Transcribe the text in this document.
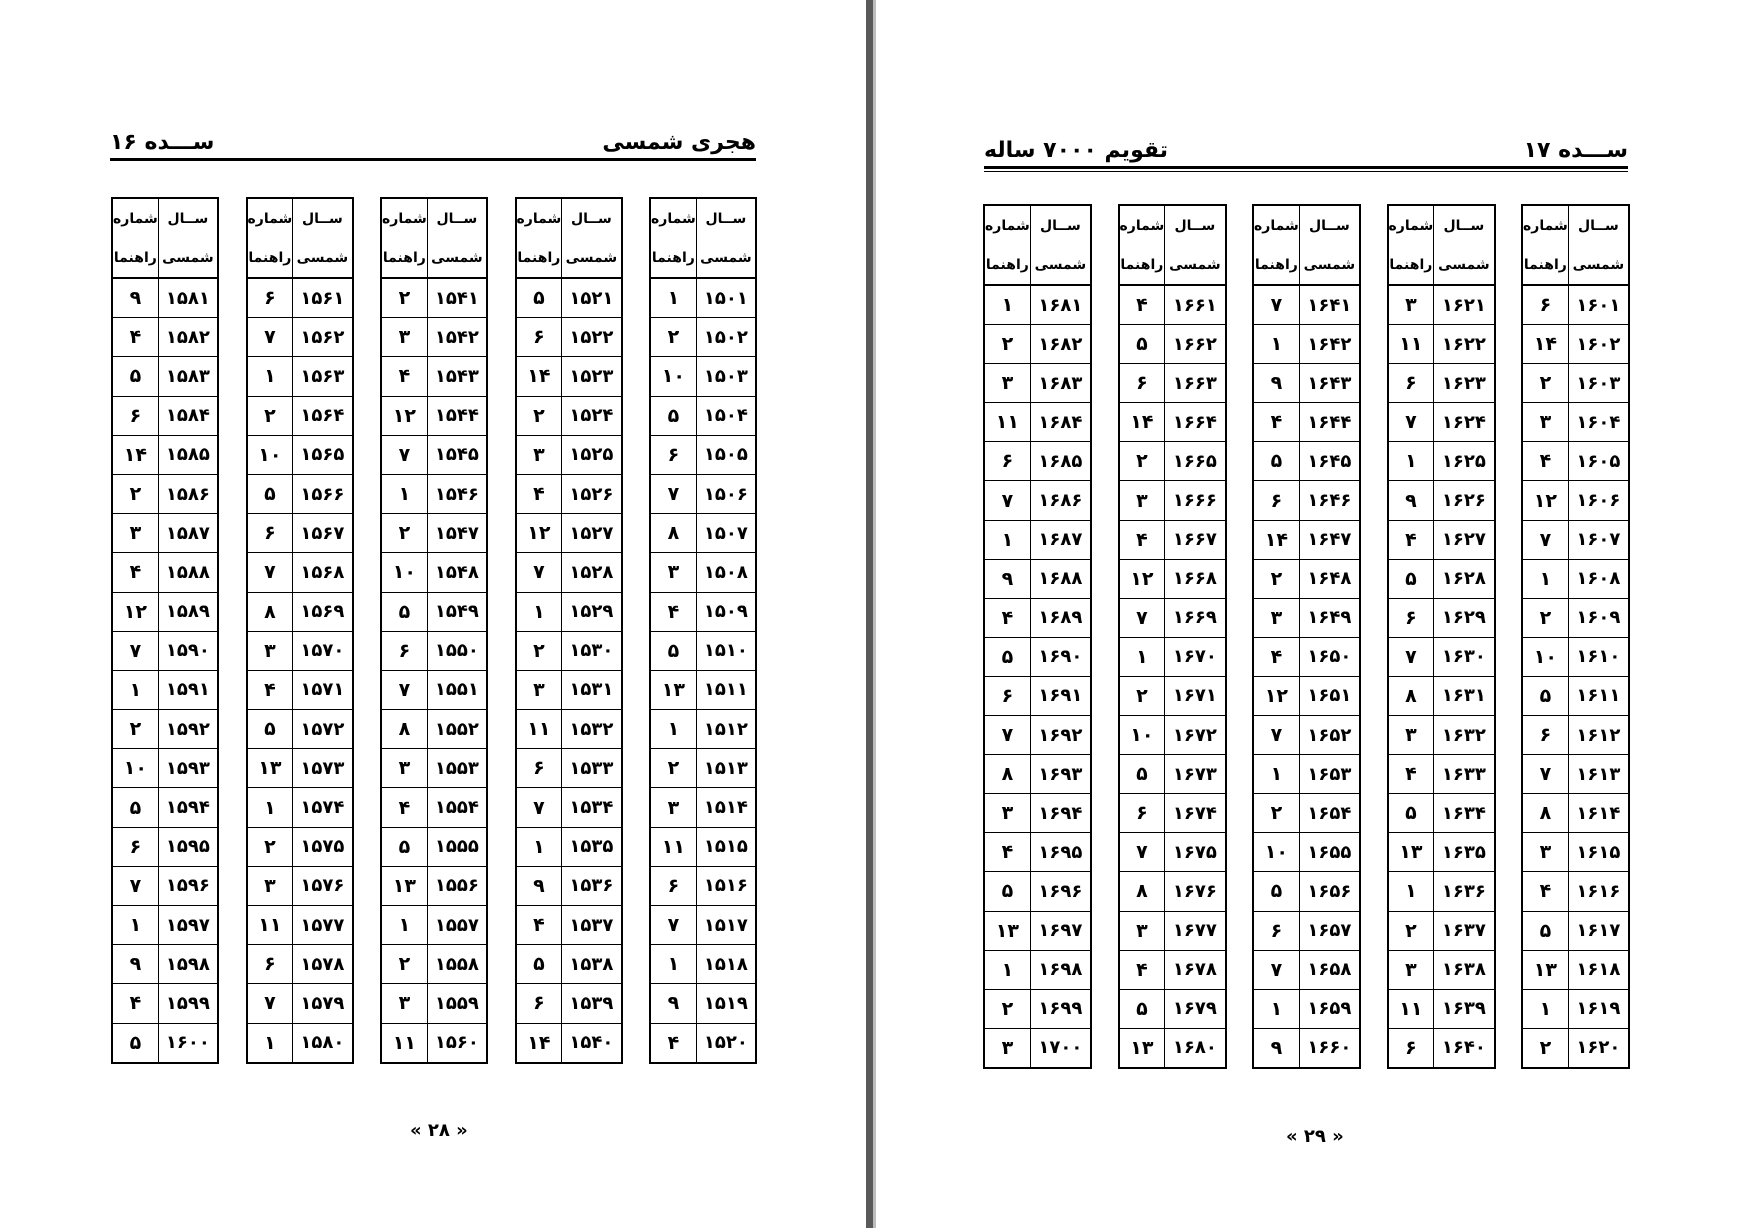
هجری شمسی
ســـده ۱۶
ســال	شماره
شمسی	راهنما
۱۵۰۱	۱
۱۵۰۲	۲
۱۵۰۳	۱۰
۱۵۰۴	۵
۱۵۰۵	۶
۱۵۰۶	۷
۱۵۰۷	۸
۱۵۰۸	۳
۱۵۰۹	۴
۱۵۱۰	۵
۱۵۱۱	۱۳
۱۵۱۲	۱
۱۵۱۳	۲
۱۵۱۴	۳
۱۵۱۵	۱۱
۱۵۱۶	۶
۱۵۱۷	۷
۱۵۱۸	۱
۱۵۱۹	۹
۱۵۲۰	۴
ســال	شماره
شمسی	راهنما
۱۵۲۱	۵
۱۵۲۲	۶
۱۵۲۳	۱۴
۱۵۲۴	۲
۱۵۲۵	۳
۱۵۲۶	۴
۱۵۲۷	۱۲
۱۵۲۸	۷
۱۵۲۹	۱
۱۵۳۰	۲
۱۵۳۱	۳
۱۵۳۲	۱۱
۱۵۳۳	۶
۱۵۳۴	۷
۱۵۳۵	۱
۱۵۳۶	۹
۱۵۳۷	۴
۱۵۳۸	۵
۱۵۳۹	۶
۱۵۴۰	۱۴
ســال	شماره
شمسی	راهنما
۱۵۴۱	۲
۱۵۴۲	۳
۱۵۴۳	۴
۱۵۴۴	۱۲
۱۵۴۵	۷
۱۵۴۶	۱
۱۵۴۷	۲
۱۵۴۸	۱۰
۱۵۴۹	۵
۱۵۵۰	۶
۱۵۵۱	۷
۱۵۵۲	۸
۱۵۵۳	۳
۱۵۵۴	۴
۱۵۵۵	۵
۱۵۵۶	۱۳
۱۵۵۷	۱
۱۵۵۸	۲
۱۵۵۹	۳
۱۵۶۰	۱۱
ســال	شماره
شمسی	راهنما
۱۵۶۱	۶
۱۵۶۲	۷
۱۵۶۳	۱
۱۵۶۴	۲
۱۵۶۵	۱۰
۱۵۶۶	۵
۱۵۶۷	۶
۱۵۶۸	۷
۱۵۶۹	۸
۱۵۷۰	۳
۱۵۷۱	۴
۱۵۷۲	۵
۱۵۷۳	۱۳
۱۵۷۴	۱
۱۵۷۵	۲
۱۵۷۶	۳
۱۵۷۷	۱۱
۱۵۷۸	۶
۱۵۷۹	۷
۱۵۸۰	۱
ســال	شماره
شمسی	راهنما
۱۵۸۱	۹
۱۵۸۲	۴
۱۵۸۳	۵
۱۵۸۴	۶
۱۵۸۵	۱۴
۱۵۸۶	۲
۱۵۸۷	۳
۱۵۸۸	۴
۱۵۸۹	۱۲
۱۵۹۰	۷
۱۵۹۱	۱
۱۵۹۲	۲
۱۵۹۳	۱۰
۱۵۹۴	۵
۱۵۹۵	۶
۱۵۹۶	۷
۱۵۹۷	۱
۱۵۹۸	۹
۱۵۹۹	۴
۱۶۰۰	۵
« ۲۸ »
ســـده ۱۷
تقویم ۷۰۰۰ ساله
ســال	شماره
شمسی	راهنما
۱۶۰۱	۶
۱۶۰۲	۱۴
۱۶۰۳	۲
۱۶۰۴	۳
۱۶۰۵	۴
۱۶۰۶	۱۲
۱۶۰۷	۷
۱۶۰۸	۱
۱۶۰۹	۲
۱۶۱۰	۱۰
۱۶۱۱	۵
۱۶۱۲	۶
۱۶۱۳	۷
۱۶۱۴	۸
۱۶۱۵	۳
۱۶۱۶	۴
۱۶۱۷	۵
۱۶۱۸	۱۳
۱۶۱۹	۱
۱۶۲۰	۲
ســال	شماره
شمسی	راهنما
۱۶۲۱	۳
۱۶۲۲	۱۱
۱۶۲۳	۶
۱۶۲۴	۷
۱۶۲۵	۱
۱۶۲۶	۹
۱۶۲۷	۴
۱۶۲۸	۵
۱۶۲۹	۶
۱۶۳۰	۷
۱۶۳۱	۸
۱۶۳۲	۳
۱۶۳۳	۴
۱۶۳۴	۵
۱۶۳۵	۱۳
۱۶۳۶	۱
۱۶۳۷	۲
۱۶۳۸	۳
۱۶۳۹	۱۱
۱۶۴۰	۶
ســال	شماره
شمسی	راهنما
۱۶۴۱	۷
۱۶۴۲	۱
۱۶۴۳	۹
۱۶۴۴	۴
۱۶۴۵	۵
۱۶۴۶	۶
۱۶۴۷	۱۴
۱۶۴۸	۲
۱۶۴۹	۳
۱۶۵۰	۴
۱۶۵۱	۱۲
۱۶۵۲	۷
۱۶۵۳	۱
۱۶۵۴	۲
۱۶۵۵	۱۰
۱۶۵۶	۵
۱۶۵۷	۶
۱۶۵۸	۷
۱۶۵۹	۱
۱۶۶۰	۹
ســال	شماره
شمسی	راهنما
۱۶۶۱	۴
۱۶۶۲	۵
۱۶۶۳	۶
۱۶۶۴	۱۴
۱۶۶۵	۲
۱۶۶۶	۳
۱۶۶۷	۴
۱۶۶۸	۱۲
۱۶۶۹	۷
۱۶۷۰	۱
۱۶۷۱	۲
۱۶۷۲	۱۰
۱۶۷۳	۵
۱۶۷۴	۶
۱۶۷۵	۷
۱۶۷۶	۸
۱۶۷۷	۳
۱۶۷۸	۴
۱۶۷۹	۵
۱۶۸۰	۱۳
ســال	شماره
شمسی	راهنما
۱۶۸۱	۱
۱۶۸۲	۲
۱۶۸۳	۳
۱۶۸۴	۱۱
۱۶۸۵	۶
۱۶۸۶	۷
۱۶۸۷	۱
۱۶۸۸	۹
۱۶۸۹	۴
۱۶۹۰	۵
۱۶۹۱	۶
۱۶۹۲	۷
۱۶۹۳	۸
۱۶۹۴	۳
۱۶۹۵	۴
۱۶۹۶	۵
۱۶۹۷	۱۳
۱۶۹۸	۱
۱۶۹۹	۲
۱۷۰۰	۳
« ۲۹ »
